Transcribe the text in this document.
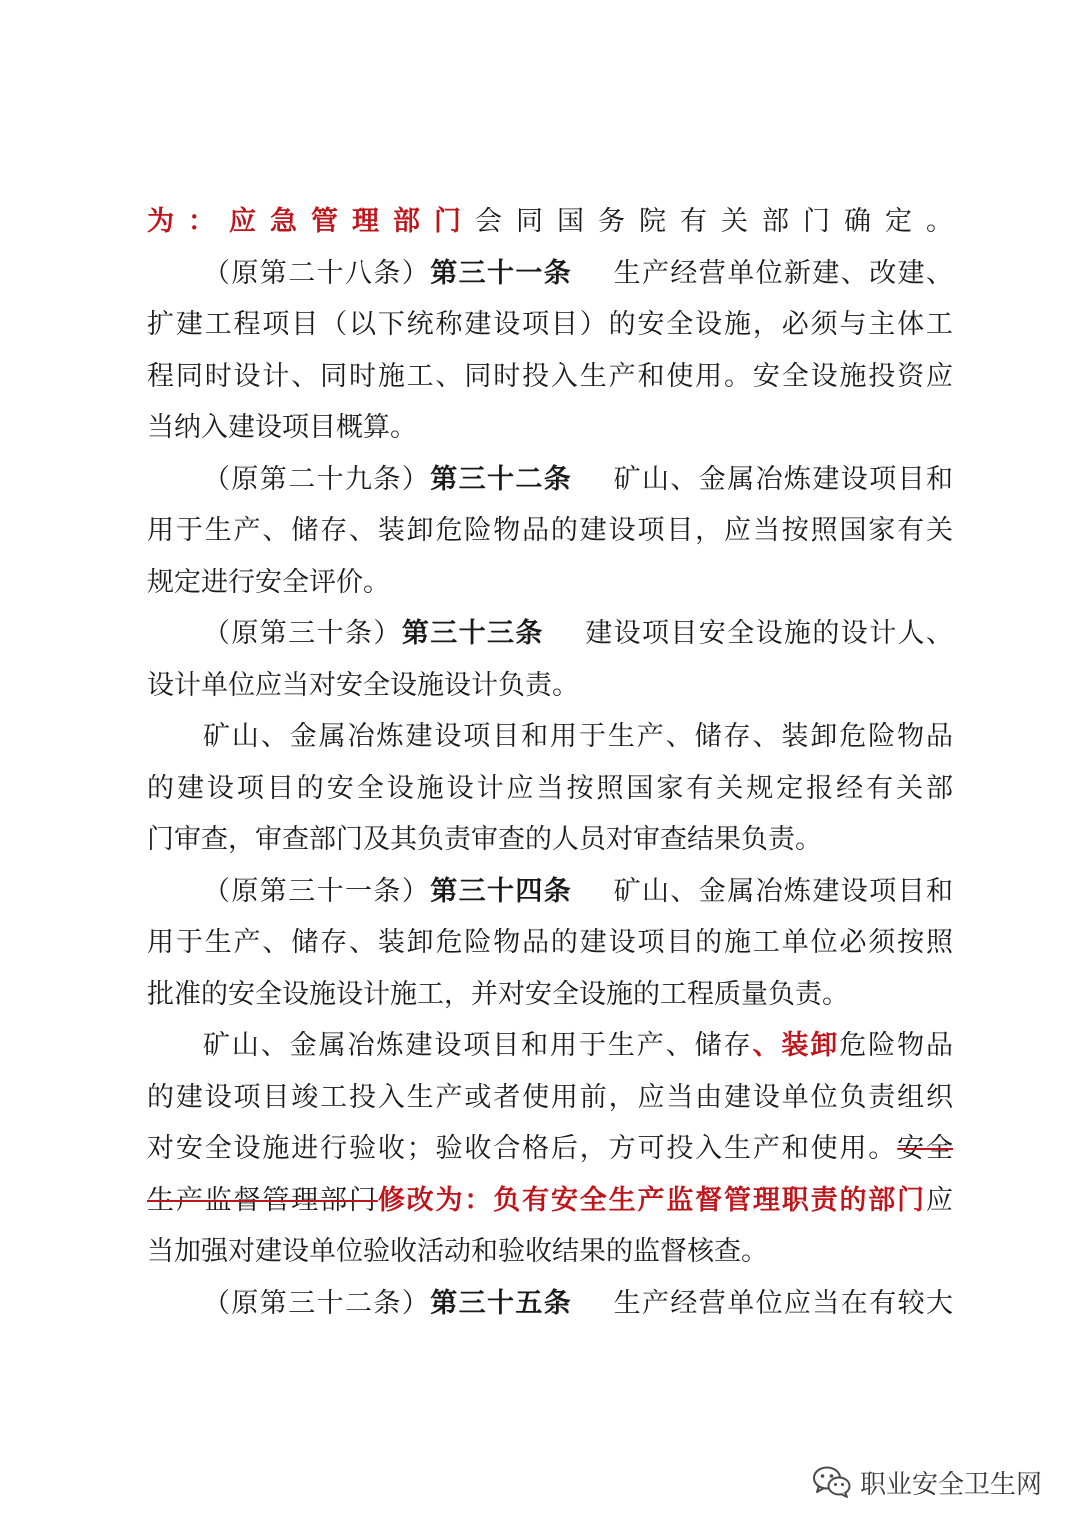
为：应急管理部门会同国务院有关部门确定。
（原第二十八条）第三十一条 生产经营单位新建、改建、
扩建工程项目（以下统称建设项目）的安全设施，必须与主体工
程同时设计、同时施工、同时投入生产和使用。安全设施投资应
当纳入建设项目概算。
（原第二十九条）第三十二条 矿山、金属冶炼建设项目和
用于生产、储存、装卸危险物品的建设项目，应当按照国家有关
规定进行安全评价。
（原第三十条）第三十三条 建设项目安全设施的设计人、
设计单位应当对安全设施设计负责。
矿山、金属冶炼建设项目和用于生产、储存、装卸危险物品
的建设项目的安全设施设计应当按照国家有关规定报经有关部
门审查，审查部门及其负责审查的人员对审查结果负责。
（原第三十一条）第三十四条 矿山、金属冶炼建设项目和
用于生产、储存、装卸危险物品的建设项目的施工单位必须按照
批准的安全设施设计施工，并对安全设施的工程质量负责。
矿山、金属冶炼建设项目和用于生产、储存、装卸危险物品
的建设项目竣工投入生产或者使用前，应当由建设单位负责组织
对安全设施进行验收；验收合格后，方可投入生产和使用。安全
生产监督管理部门修改为：负有安全生产监督管理职责的部门应
当加强对建设单位验收活动和验收结果的监督核查。
（原第三十二条）第三十五条 生产经营单位应当在有较大
职业安全卫生网
